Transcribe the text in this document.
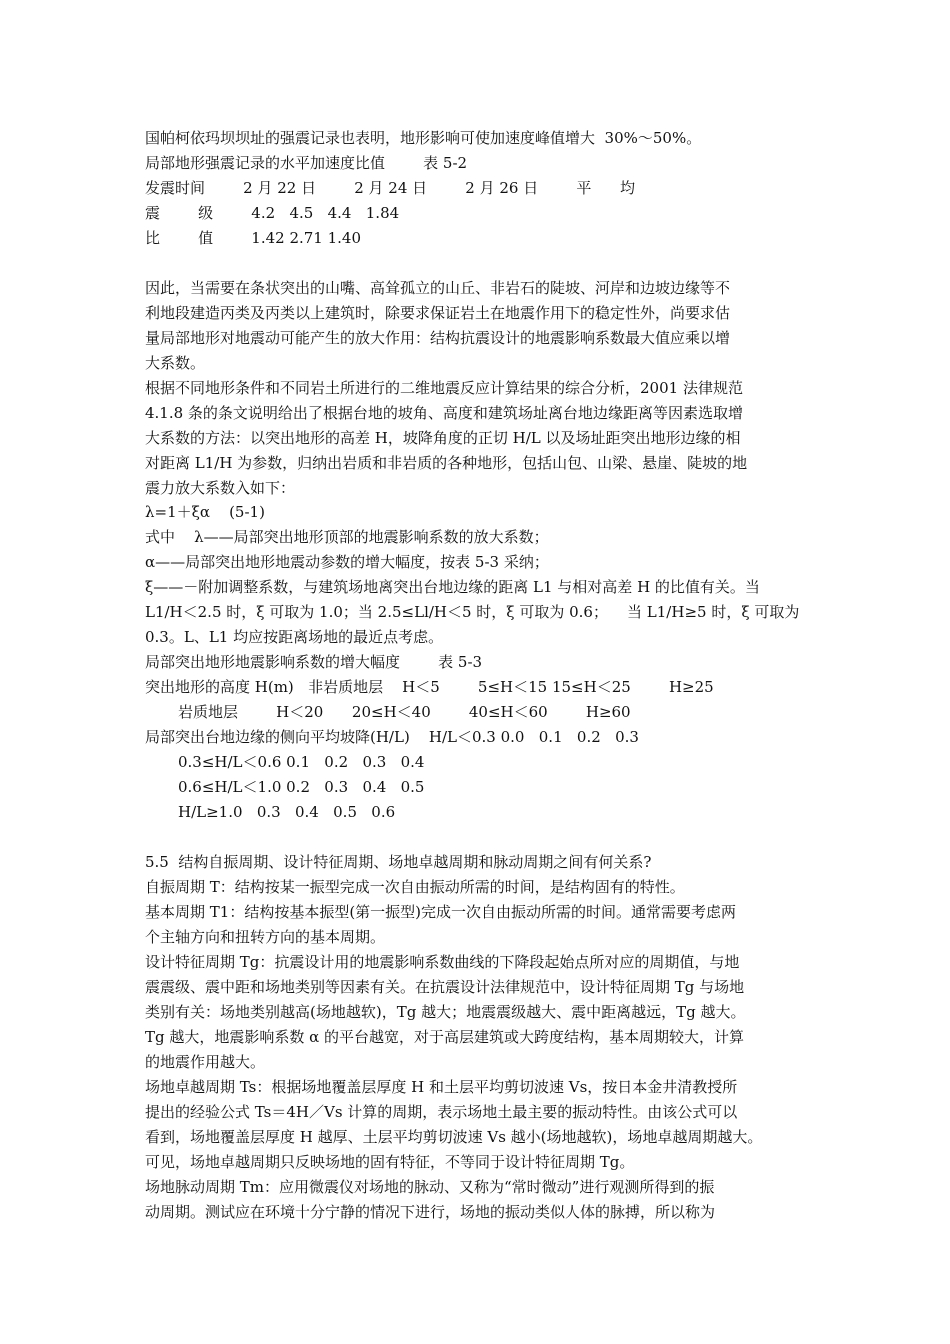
国帕柯依玛坝坝址的强震记录也表明，地形影响可使加速度峰值增大  30%～50%。
局部地形强震记录的水平加速度比值        表 5-2
发震时间        2 月 22 日        2 月 24 日        2 月 26 日        平      均
震        级        4.2   4.5   4.4   1.84
比        值        1.42 2.71 1.40
因此，当需要在条状突出的山嘴、高耸孤立的山丘、非岩石的陡坡、河岸和边坡边缘等不
利地段建造丙类及丙类以上建筑时，除要求保证岩土在地震作用下的稳定性外，尚要求估
量局部地形对地震动可能产生的放大作用：结构抗震设计的地震影响系数最大值应乘以增
大系数。
根据不同地形条件和不同岩土所进行的二维地震反应计算结果的综合分析，2001 法律规范
4.1.8 条的条文说明给出了根据台地的坡角、高度和建筑场址离台地边缘距离等因素选取增
大系数的方法：以突出地形的高差 H，坡降角度的正切 H/L 以及场址距突出地形边缘的相
对距离 L1/H 为参数，归纳出岩质和非岩质的各种地形，包括山包、山梁、悬崖、陡坡的地
震力放大系数入如下：
λ=1＋ξα    (5-1)
式中    λ——局部突出地形顶部的地震影响系数的放大系数；
α——局部突出地形地震动参数的增大幅度，按表 5-3 采纳；
ξ——－附加调整系数，与建筑场地离突出台地边缘的距离 L1 与相对高差 H 的比值有关。当
L1/H＜2.5 时，ξ 可取为 1.0；当 2.5≤Ll/H＜5 时，ξ 可取为 0.6；    当 L1/H≥5 时，ξ 可取为
0.3。L、L1 均应按距离场地的最近点考虑。
局部突出地形地震影响系数的增大幅度        表 5-3
突出地形的高度 H(m)   非岩质地层    H＜5        5≤H＜15 15≤H＜25        H≥25
岩质地层        H＜20      20≤H＜40        40≤H＜60        H≥60
局部突出台地边缘的侧向平均坡降(H/L)    H/L＜0.3 0.0   0.1   0.2   0.3
0.3≤H/L＜0.6 0.1   0.2   0.3   0.4
0.6≤H/L＜1.0 0.2   0.3   0.4   0.5
H/L≥1.0   0.3   0.4   0.5   0.6
5.5  结构自振周期、设计特征周期、场地卓越周期和脉动周期之间有何关系?
自振周期 T：结构按某一振型完成一次自由振动所需的时间，是结构固有的特性。
基本周期 T1：结构按基本振型(第一振型)完成一次自由振动所需的时间。通常需要考虑两
个主轴方向和扭转方向的基本周期。
设计特征周期 Tg：抗震设计用的地震影响系数曲线的下降段起始点所对应的周期值，与地
震震级、震中距和场地类别等因素有关。在抗震设计法律规范中，设计特征周期 Tg 与场地
类别有关：场地类别越高(场地越软)，Tg 越大；地震震级越大、震中距离越远，Tg 越大。
Tg 越大，地震影响系数 α 的平台越宽，对于高层建筑或大跨度结构，基本周期较大，计算
的地震作用越大。
场地卓越周期 Ts：根据场地覆盖层厚度 H 和土层平均剪切波速 Vs，按日本金井清教授所
提出的经验公式 Ts＝4H／Vs 计算的周期，表示场地土最主要的振动特性。由该公式可以
看到，场地覆盖层厚度 H 越厚、土层平均剪切波速 Vs 越小(场地越软)，场地卓越周期越大。
可见，场地卓越周期只反映场地的固有特征，不等同于设计特征周期 Tg。
场地脉动周期 Tm：应用微震仪对场地的脉动、又称为“常时微动”进行观测所得到的振
动周期。测试应在环境十分宁静的情况下进行，场地的振动类似人体的脉搏，所以称为
